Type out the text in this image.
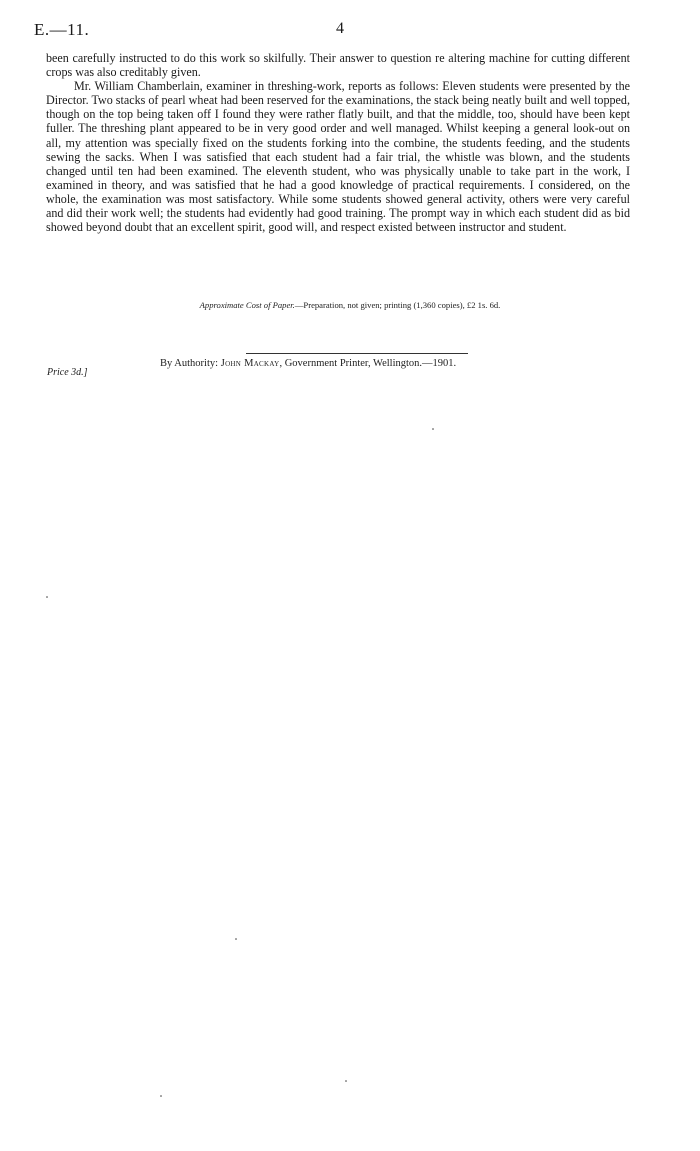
E.—11.	4

been carefully instructed to do this work so skilfully. Their answer to question re altering machine for cutting different crops was also creditably given.

Mr. William Chamberlain, examiner in threshing-work, reports as follows: Eleven students were presented by the Director. Two stacks of pearl wheat had been reserved for the examinations, the stack being neatly built and well topped, though on the top being taken off I found they were rather flatly built, and that the middle, too, should have been kept fuller. The threshing plant appeared to be in very good order and well managed. Whilst keeping a general look-out on all, my attention was specially fixed on the students forking into the combine, the students feeding, and the students sewing the sacks. When I was satisfied that each student had a fair trial, the whistle was blown, and the students changed until ten had been examined. The eleventh student, who was physically unable to take part in the work, I examined in theory, and was satisfied that he had a good knowledge of practical requirements. I considered, on the whole, the examination was most satisfactory. While some students showed general activity, others were very careful and did their work well; the students had evidently had good training. The prompt way in which each student did as bid showed beyond doubt that an excellent spirit, good will, and respect existed between instructor and student.

Approximate Cost of Paper.—Preparation, not given; printing (1,360 copies), £2 1s. 6d.
By Authority: John Mackay, Government Printer, Wellington.—1901.
Price 3d.]
